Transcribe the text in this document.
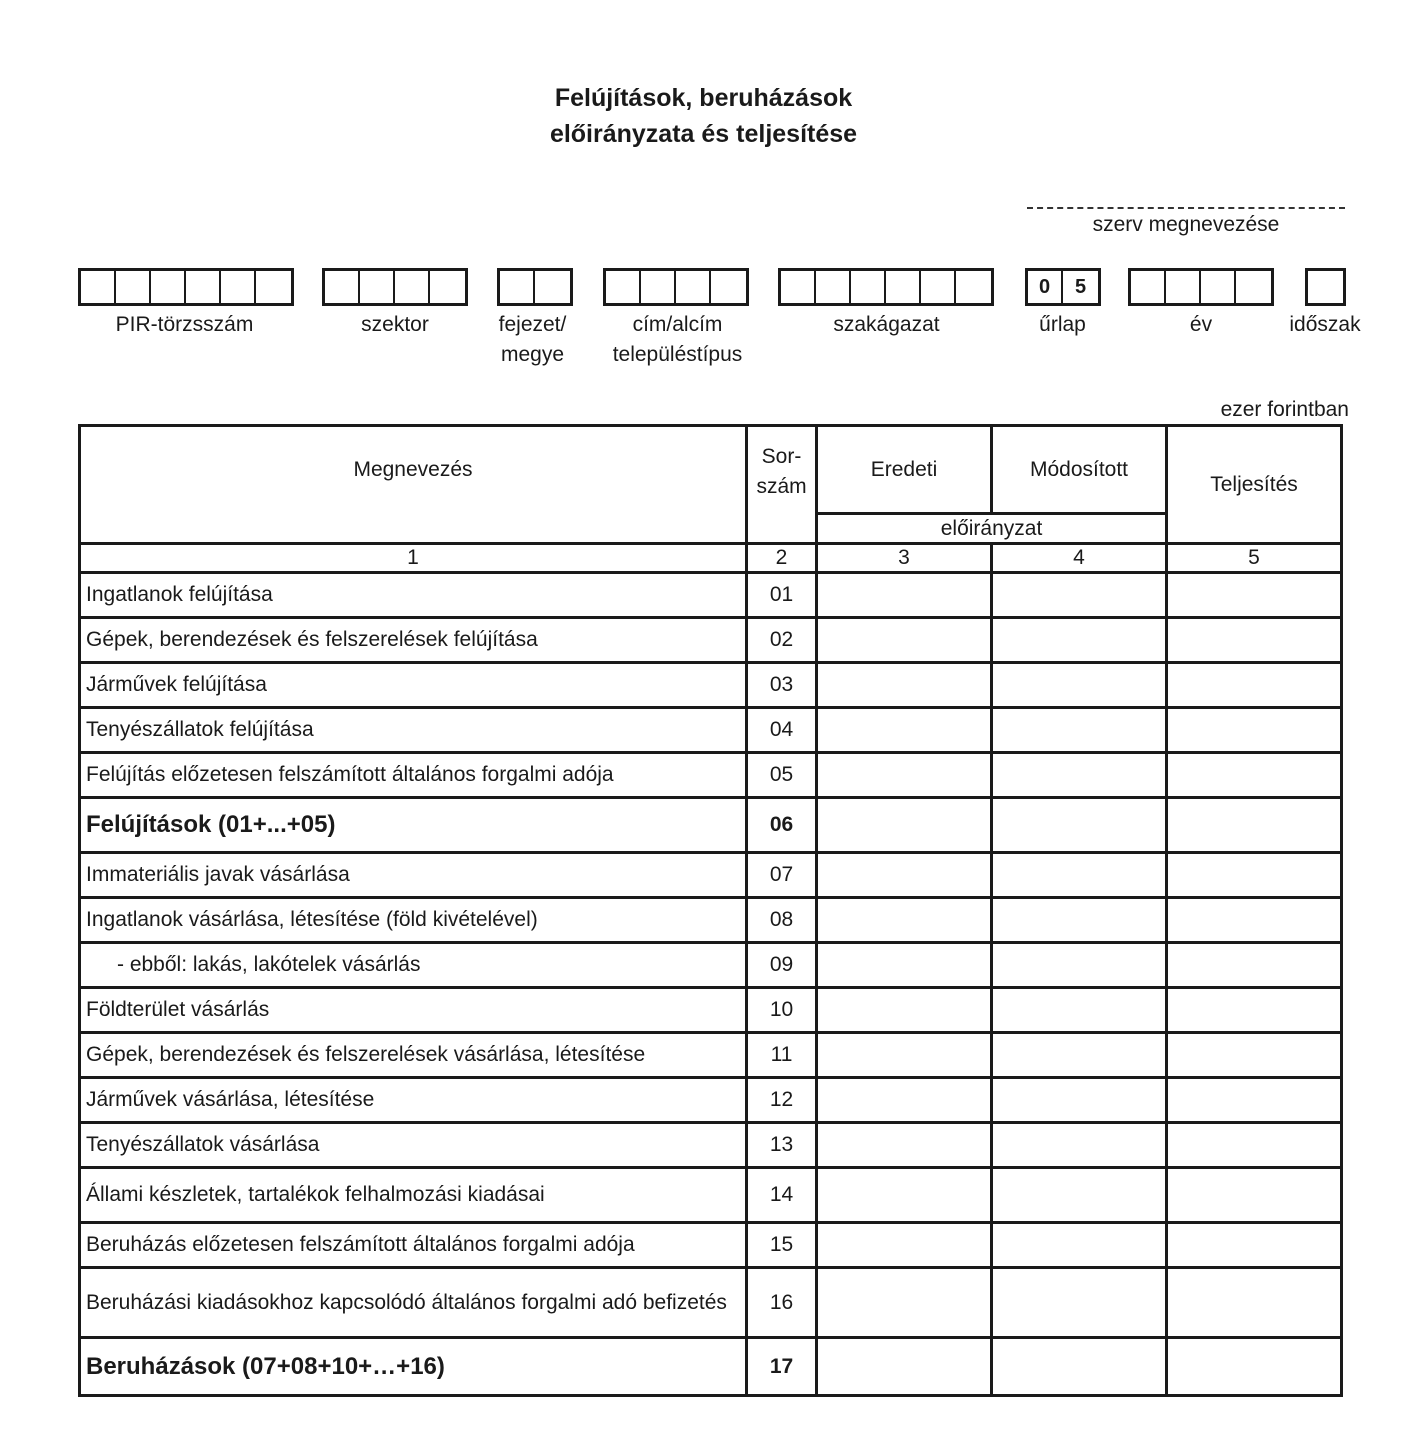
Felújítások, beruházások
előirányzata és teljesítése
szerv megnevezése
PIR-törzsszám	szektor	fejezet/ megye
cím/alcím településtípus
szakágazat
0	5
űrlap	év	időszak
ezer forintban
Megnevezés	Sor-szám	Eredeti	Módosított	Teljesítés
		előirányzat		
1	2	3	4	5
Ingatlanok felújítása	01			
Gépek, berendezések és felszerelések felújítása	02			
Járművek felújítása	03			
Tenyészállatok felújítása	04			
Felújítás előzetesen felszámított általános forgalmi adója	05			
Felújítások (01+...+05)	06			
Immateriális javak vásárlása	07			
Ingatlanok vásárlása, létesítése (föld kivételével)	08			
- ebből: lakás, lakótelek vásárlás	09			
Földterület vásárlás	10			
Gépek, berendezések és felszerelések vásárlása, létesítése	11			
Járművek vásárlása, létesítése	12			
Tenyészállatok vásárlása	13			
Állami készletek, tartalékok felhalmozási kiadásai	14			
Beruházás előzetesen felszámított általános forgalmi adója	15			
Beruházási kiadásokhoz kapcsolódó általános forgalmi adó befizetés	16			
Beruházások (07+08+10+…+16)	17			
